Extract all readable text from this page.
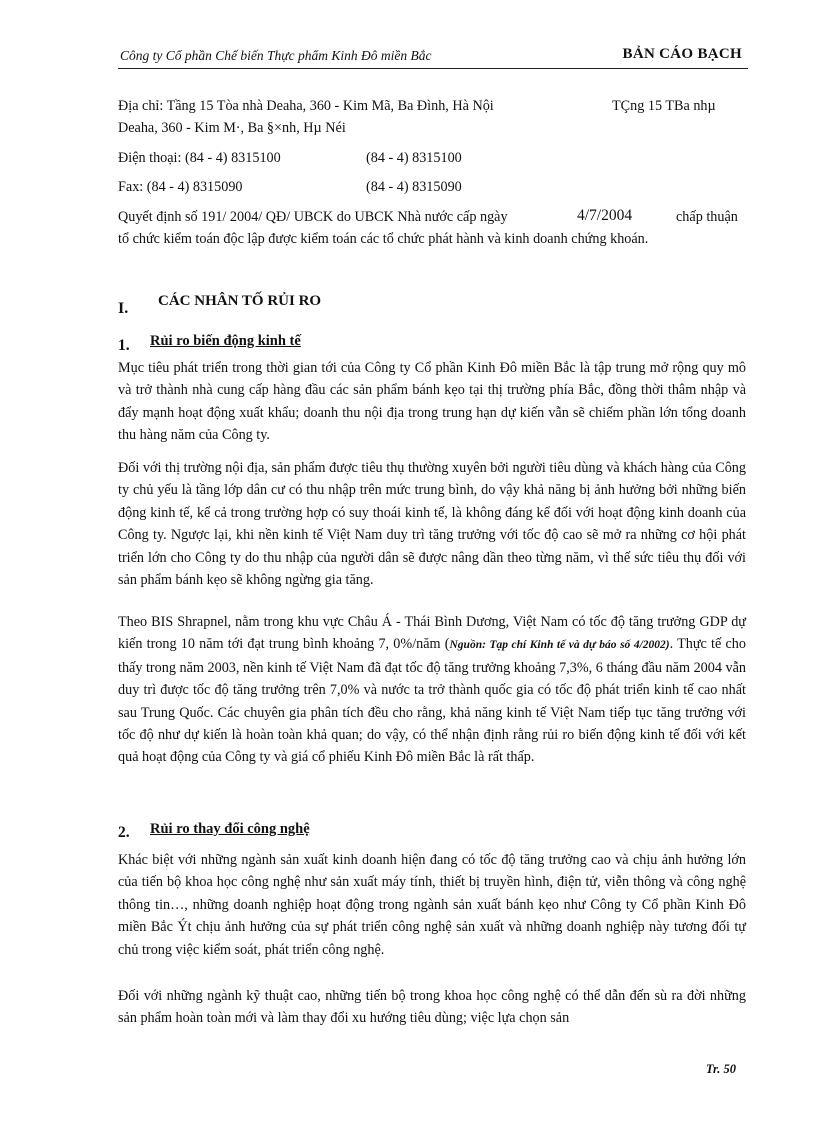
Công ty Cổ phần Chế biến Thực phẩm Kinh Đô miền Bắc	BẢN CÁO BẠCH
Địa chỉ: Tầng 15 Tòa nhà Deaha, 360 - Kim Mã, Ba Đình, Hà Nội	TÇng 15 TBa nhµ
Deaha, 360 - Kim M·, Ba §×nh, Hµ Néi
Điện thoại: (84 - 4) 8315100	(84 - 4) 8315100
Fax: (84 - 4) 8315090	(84 - 4) 8315090
Quyết định số 191/ 2004/ QĐ/ UBCK do UBCK Nhà nước cấp ngày	4/7/2004	chấp thuận
tổ chức kiểm toán độc lập được kiểm toán các tổ chức phát hành và kinh doanh chứng khoán.
I. CÁC NHÂN TỐ RỦI RO
1. Rủi ro biến động kinh tế
Mục tiêu phát triển trong thời gian tới của Công ty Cổ phần Kinh Đô miền Bắc là tập trung mở rộng quy mô và trở thành nhà cung cấp hàng đầu các sản phẩm bánh kẹo tại thị trường phía Bắc, đồng thời thâm nhập và đẩy mạnh hoạt động xuất khẩu; doanh thu nội địa trong trung hạn dự kiến vẫn sẽ chiếm phần lớn tổng doanh thu hàng năm của Công ty.
Đối với thị trường nội địa, sản phẩm được tiêu thụ thường xuyên bởi người tiêu dùng và khách hàng của Công ty chủ yếu là tầng lớp dân cư có thu nhập trên mức trung bình, do vậy khả năng bị ảnh hưởng bởi những biến động kinh tế, kể cả trong trường hợp có suy thoái kinh tế, là không đáng kể đối với hoạt động kinh doanh của Công ty. Ngược lại, khi nền kinh tế Việt Nam duy trì tăng trưởng với tốc độ cao sẽ mở ra những cơ hội phát triển lớn cho Công ty do thu nhập của người dân sẽ được nâng dần theo từng năm, vì thế sức tiêu thụ đối với sản phẩm bánh kẹo sẽ không ngừng gia tăng.
Theo BIS Shrapnel, nằm trong khu vực Châu Á - Thái Bình Dương, Việt Nam có tốc độ tăng trưởng GDP dự kiến trong 10 năm tới đạt trung bình khoảng 7, 0%/năm (Nguồn: Tạp chí Kinh tế và dự báo số 4/2002). Thực tế cho thấy trong năm 2003, nền kinh tế Việt Nam đã đạt tốc độ tăng trưởng khoảng 7,3%, 6 tháng đầu năm 2004 vẫn duy trì được tốc độ tăng trưởng trên 7,0% và nước ta trở thành quốc gia có tốc độ phát triển kinh tế cao nhất sau Trung Quốc. Các chuyên gia phân tích đều cho rằng, khả năng kinh tế Việt Nam tiếp tục tăng trưởng với tốc độ như dự kiến là hoàn toàn khả quan; do vậy, có thể nhận định rằng rủi ro biến động kinh tế đối với kết quả hoạt động của Công ty và giá cổ phiếu Kinh Đô miền Bắc là rất thấp.
2. Rủi ro thay đổi công nghệ
Khác biệt với những ngành sản xuất kinh doanh hiện đang có tốc độ tăng trưởng cao và chịu ảnh hưởng lớn của tiến bộ khoa học công nghệ như sản xuất máy tính, thiết bị truyền hình, điện tử, viễn thông và công nghệ thông tin…, những doanh nghiệp hoạt động trong ngành sản xuất bánh kẹo như Công ty Cổ phần Kinh Đô miền Bắc Ýt chịu ảnh hưởng của sự phát triển công nghệ sản xuất và những doanh nghiệp này tương đối tự chủ trong việc kiểm soát, phát triển công nghệ.
Đối với những ngành kỹ thuật cao, những tiến bộ trong khoa học công nghệ có thể dẫn đến sù ra đời những sản phẩm hoàn toàn mới và làm thay đổi xu hướng tiêu dùng; việc lựa chọn sản
Tr. 50
